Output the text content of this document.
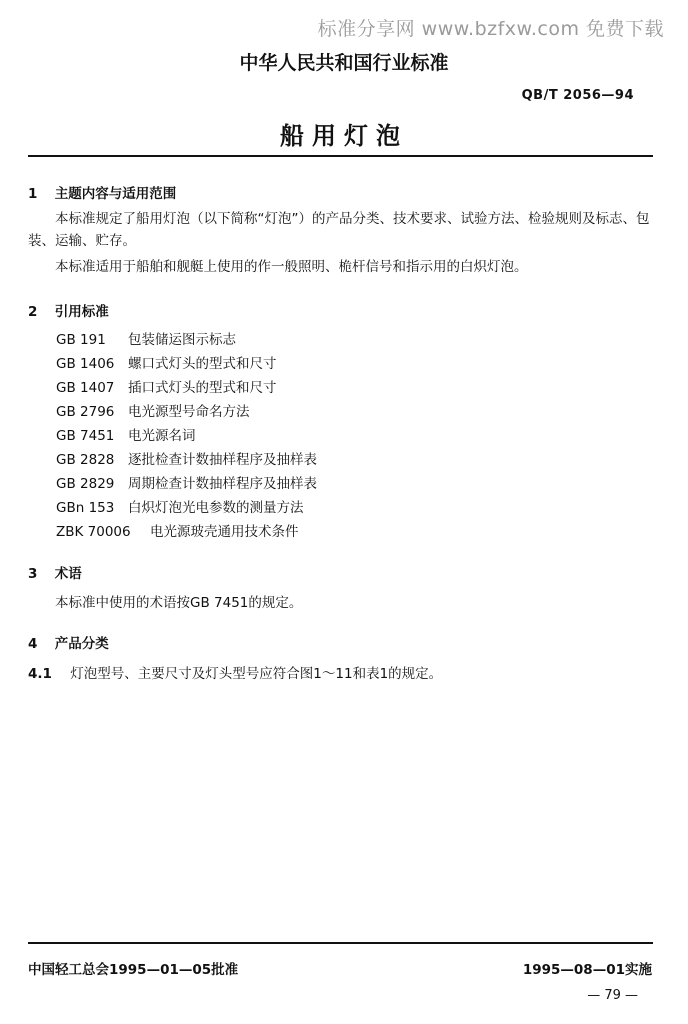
标准分享网 www.bzfxw.com 免费下载
中华人民共和国行业标准
QB/T 2056—94
船用灯泡
1 主题内容与适用范围
本标准规定了船用灯泡（以下简称“灯泡”）的产品分类、技术要求、试验方法、检验规则及标志、包装、运输、贮存。
本标准适用于船舶和舰艇上使用的作一般照明、桅杆信号和指示用的白炽灯泡。
2 引用标准
GB 191 包装储运图示标志
GB 1406 螺口式灯头的型式和尺寸
GB 1407 插口式灯头的型式和尺寸
GB 2796 电光源型号命名方法
GB 7451 电光源名词
GB 2828 逐批检查计数抽样程序及抽样表
GB 2829 周期检查计数抽样程序及抽样表
GBn 153 白炽灯泡光电参数的测量方法
ZBK 70006 电光源玻壳通用技术条件
3 术语
本标准中使用的术语按GB 7451的规定。
4 产品分类
4.1 灯泡型号、主要尺寸及灯头型号应符合图1～11和表1的规定。
中国轻工总会1995—01—05批准	1995—08—01实施
— 79 —
